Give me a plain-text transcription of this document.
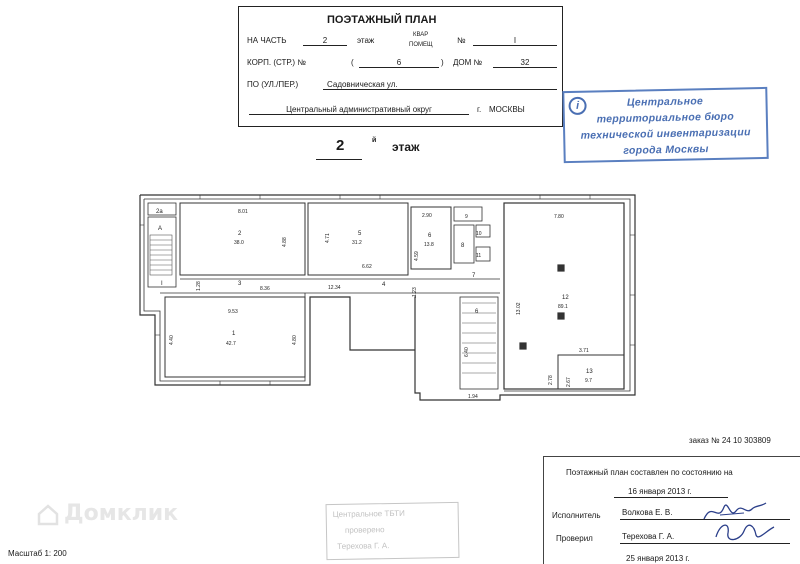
ПОЭТАЖНЫЙ ПЛАН
НА ЧАСТЬ	2	этаж
КВАР
ПОМЕЩ	№	I
КОРП. (СТР.) №	(	6	) ДОМ №	32
ПО (УЛ./ПЕР.)	Садовническая ул.
Центральный административный округ	г. МОСКВЫ
2	й этаж
i	Центральное
территориальное бюро
технической инвентаризации
города Москвы
2а
А
I
8.01
2
38.0	4.88
3
8.36
1.28
9.53
1
42.7
4.40	4.80
4.71	5
31.2
6.62
2.90
6
13.8
4.59
12.34	4
1.23
9
10
11
8
7
6
6.40
1.94
7.80
13.02
12
89.1
3.71
2.78 2.67
13
9.7
заказ № 24 10 303809
Поэтажный план составлен по состоянию на
16 января 2013 г.
Исполнитель	Волкова Е. В.
Проверил	Терехова Г. А.
25 января 2013 г.
Центральное ТБТИ
проверено
Терехова Г. А.
Домклик
Масштаб 1: 200
